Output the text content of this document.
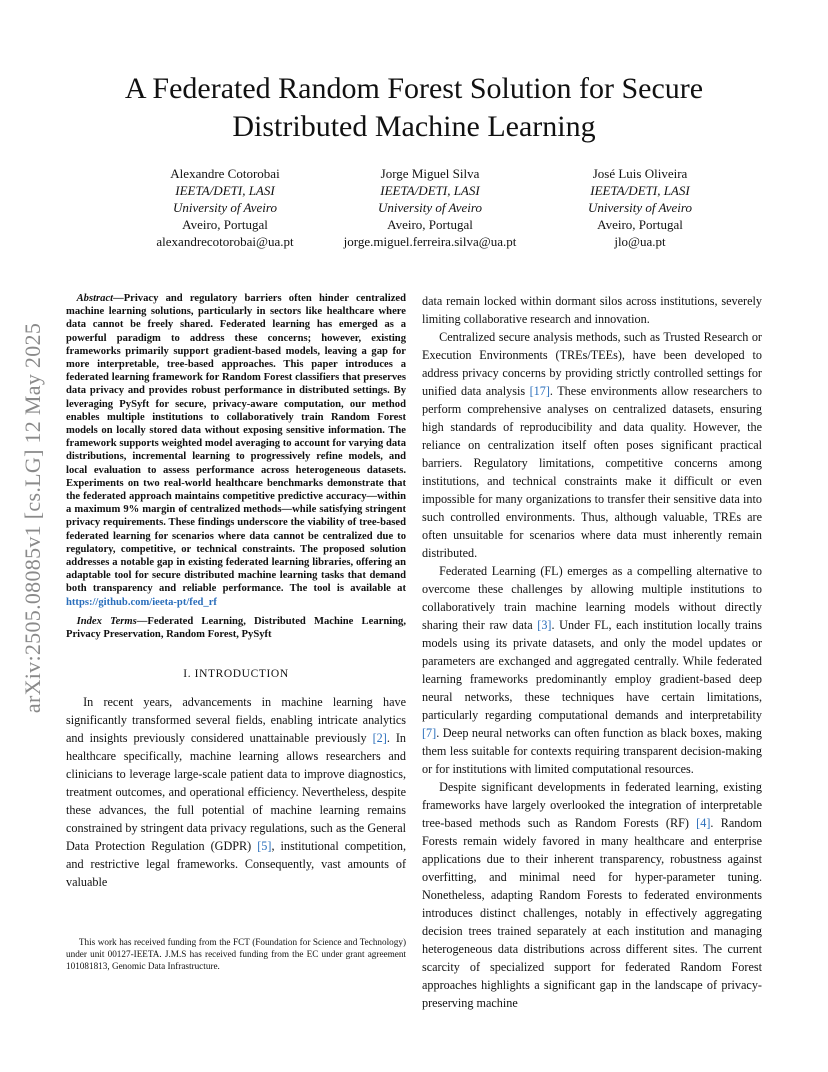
arXiv:2505.08085v1 [cs.LG] 12 May 2025
A Federated Random Forest Solution for Secure Distributed Machine Learning
Alexandre Cotorobai
IEETA/DETI, LASI
University of Aveiro
Aveiro, Portugal
alexandrecotorobai@ua.pt
Jorge Miguel Silva
IEETA/DETI, LASI
University of Aveiro
Aveiro, Portugal
jorge.miguel.ferreira.silva@ua.pt
José Luis Oliveira
IEETA/DETI, LASI
University of Aveiro
Aveiro, Portugal
jlo@ua.pt

Abstract—Privacy and regulatory barriers often hinder centralized machine learning solutions, particularly in sectors like healthcare where data cannot be freely shared. Federated learning has emerged as a powerful paradigm to address these concerns; however, existing frameworks primarily support gradient-based models, leaving a gap for more interpretable, tree-based approaches. This paper introduces a federated learning framework for Random Forest classifiers that preserves data privacy and provides robust performance in distributed settings. By leveraging PySyft for secure, privacy-aware computation, our method enables multiple institutions to collaboratively train Random Forest models on locally stored data without exposing sensitive information. The framework supports weighted model averaging to account for varying data distributions, incremental learning to progressively refine models, and local evaluation to assess performance across heterogeneous datasets. Experiments on two real-world healthcare benchmarks demonstrate that the federated approach maintains competitive predictive accuracy—within a maximum 9% margin of centralized methods—while satisfying stringent privacy requirements. These findings underscore the viability of tree-based federated learning for scenarios where data cannot be centralized due to regulatory, competitive, or technical constraints. The proposed solution addresses a notable gap in existing federated learning libraries, offering an adaptable tool for secure distributed machine learning tasks that demand both transparency and reliable performance. The tool is available at https://github.com/ieeta-pt/fed_rf

Index Terms—Federated Learning, Distributed Machine Learning, Privacy Preservation, Random Forest, PySyft

I. INTRODUCTION

In recent years, advancements in machine learning have significantly transformed several fields, enabling intricate analytics and insights previously considered unattainable previously [2]. In healthcare specifically, machine learning allows researchers and clinicians to leverage large-scale patient data to improve diagnostics, treatment outcomes, and operational efficiency. Nevertheless, despite these advances, the full potential of machine learning remains constrained by stringent data privacy regulations, such as the General Data Protection Regulation (GDPR) [5], institutional competition, and restrictive legal frameworks. Consequently, vast amounts of valuable

This work has received funding from the FCT (Foundation for Science and Technology) under unit 00127-IEETA. J.M.S has received funding from the EC under grant agreement 101081813, Genomic Data Infrastructure.

data remain locked within dormant silos across institutions, severely limiting collaborative research and innovation.

Centralized secure analysis methods, such as Trusted Research or Execution Environments (TREs/TEEs), have been developed to address privacy concerns by providing strictly controlled settings for unified data analysis [17]. These environments allow researchers to perform comprehensive analyses on centralized datasets, ensuring high standards of reproducibility and data quality. However, the reliance on centralization itself often poses significant practical barriers. Regulatory limitations, competitive concerns among institutions, and technical constraints make it difficult or even impossible for many organizations to transfer their sensitive data into such controlled environments. Thus, although valuable, TREs are often unsuitable for scenarios where data must inherently remain distributed.

Federated Learning (FL) emerges as a compelling alternative to overcome these challenges by allowing multiple institutions to collaboratively train machine learning models without directly sharing their raw data [3]. Under FL, each institution locally trains models using its private datasets, and only the model updates or parameters are exchanged and aggregated centrally. While federated learning frameworks predominantly employ gradient-based deep neural networks, these techniques have certain limitations, particularly regarding computational demands and interpretability [7]. Deep neural networks can often function as black boxes, making them less suitable for contexts requiring transparent decision-making or for institutions with limited computational resources.

Despite significant developments in federated learning, existing frameworks have largely overlooked the integration of interpretable tree-based methods such as Random Forests (RF) [4]. Random Forests remain widely favored in many healthcare and enterprise applications due to their inherent transparency, robustness against overfitting, and minimal need for hyper-parameter tuning. Nonetheless, adapting Random Forests to federated environments introduces distinct challenges, notably in effectively aggregating decision trees trained separately at each institution and managing heterogeneous data distributions across different sites. The current scarcity of specialized support for federated Random Forest approaches highlights a significant gap in the landscape of privacy-preserving machine
